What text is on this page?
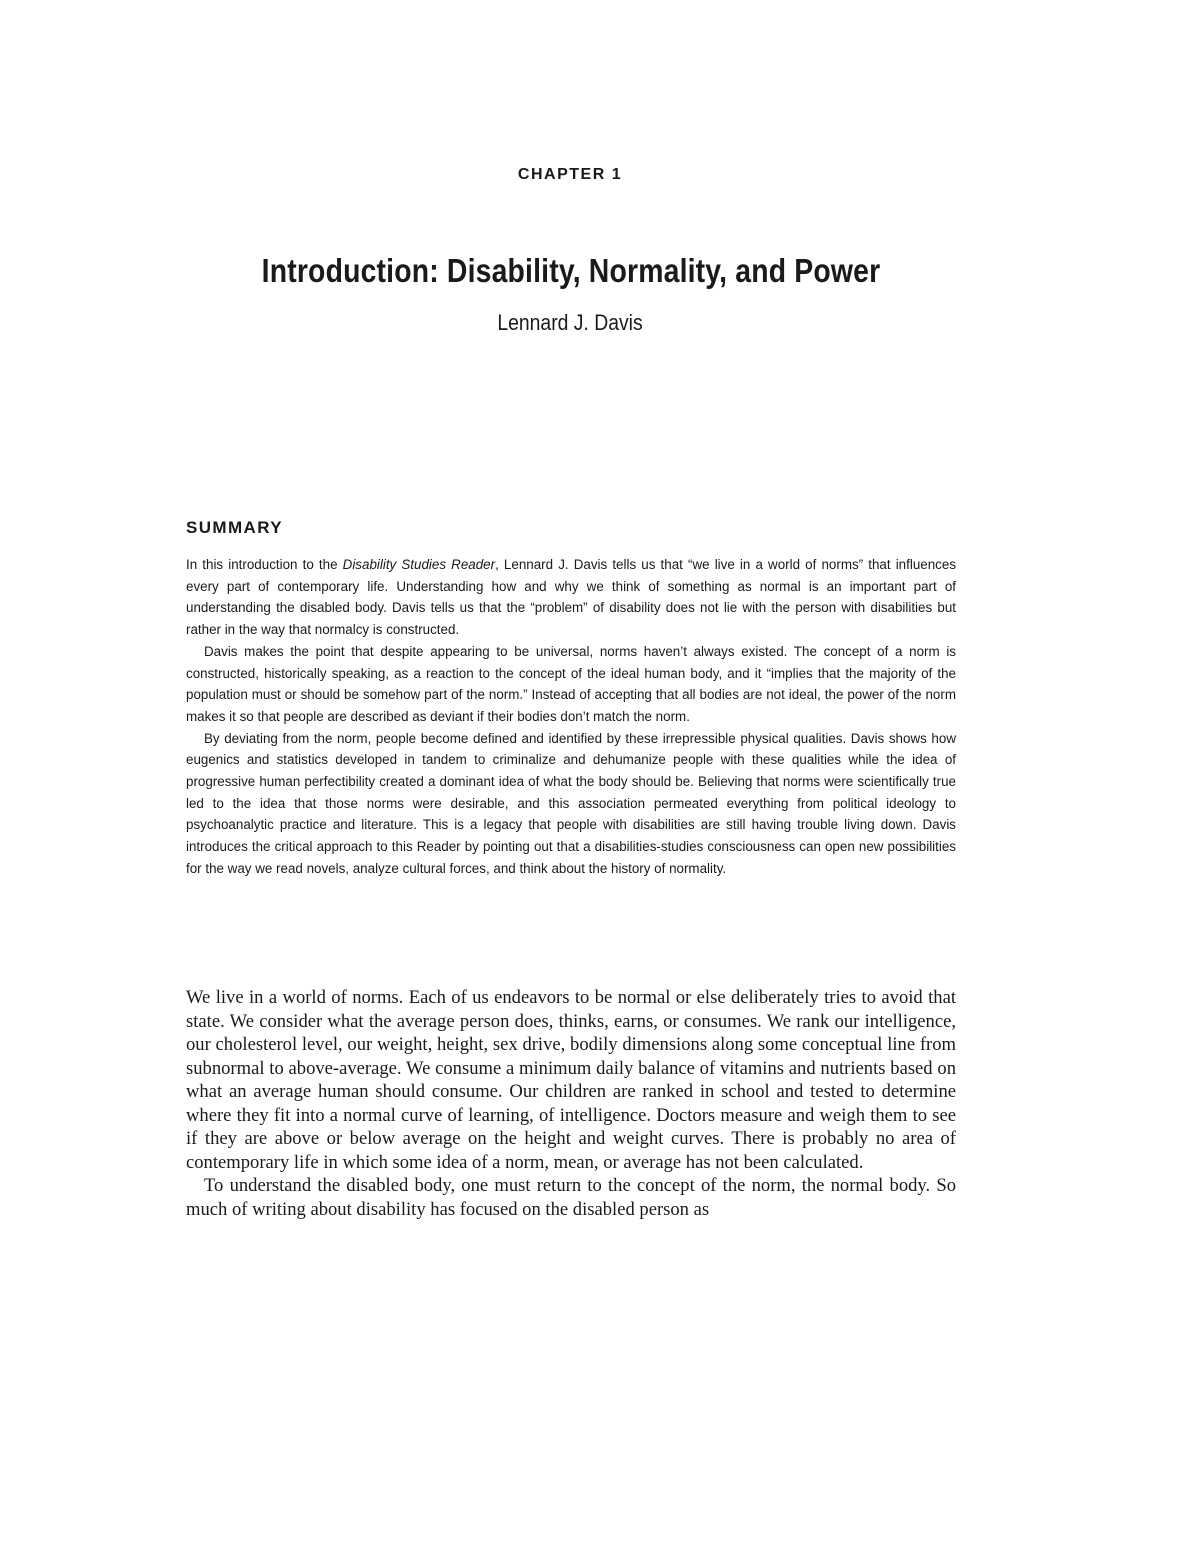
CHAPTER 1
Introduction: Disability, Normality, and Power
Lennard J. Davis
SUMMARY

In this introduction to the Disability Studies Reader, Lennard J. Davis tells us that “we live in a world of norms” that influences every part of contemporary life. Understanding how and why we think of something as normal is an important part of understanding the disabled body. Davis tells us that the “problem” of disability does not lie with the person with disabilities but rather in the way that normalcy is constructed.

Davis makes the point that despite appearing to be universal, norms haven’t always existed. The concept of a norm is constructed, historically speaking, as a reaction to the concept of the ideal human body, and it “implies that the majority of the population must or should be somehow part of the norm.” Instead of accepting that all bodies are not ideal, the power of the norm makes it so that people are described as deviant if their bodies don’t match the norm.

By deviating from the norm, people become defined and identified by these irrepressible physical qualities. Davis shows how eugenics and statistics developed in tandem to criminalize and dehumanize people with these qualities while the idea of progressive human perfectibility created a dominant idea of what the body should be. Believing that norms were scientifically true led to the idea that those norms were desirable, and this association permeated everything from political ideology to psychoanalytic practice and literature. This is a legacy that people with disabilities are still having trouble living down. Davis introduces the critical approach to this Reader by pointing out that a disabilities-studies consciousness can open new possibilities for the way we read novels, analyze cultural forces, and think about the history of normality.

We live in a world of norms. Each of us endeavors to be normal or else deliberately tries to avoid that state. We consider what the average person does, thinks, earns, or consumes. We rank our intelligence, our cholesterol level, our weight, height, sex drive, bodily dimensions along some conceptual line from subnormal to above-average. We consume a minimum daily balance of vitamins and nutrients based on what an average human should consume. Our children are ranked in school and tested to determine where they fit into a normal curve of learning, of intelligence. Doctors measure and weigh them to see if they are above or below average on the height and weight curves. There is probably no area of contemporary life in which some idea of a norm, mean, or average has not been calculated.

To understand the disabled body, one must return to the concept of the norm, the normal body. So much of writing about disability has focused on the disabled person as
